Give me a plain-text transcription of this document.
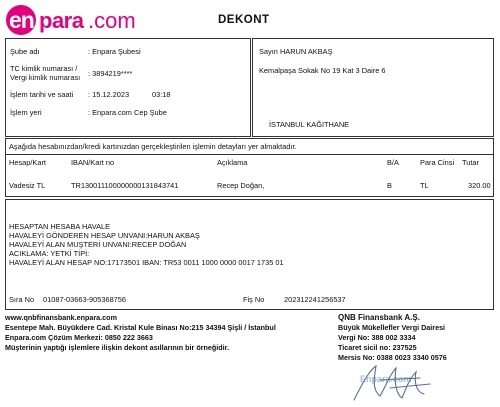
en para .com	DEKONT
Şube adı	: Enpara Şubesi
TC kimlik numarası /
Vergi kimlik numarası : 3894219****
İşlem tarihi ve saati : 15.12.2023	03:18
İşlem yeri	: Enpara.com Cep Şube
Sayın HARUN AKBAŞ
Kemalpaşa Sokak No 19 Kat 3 Daire 6
İSTANBUL KAĞITHANE
Aşağıda hesabınızdan/kredi kartınızdan gerçekleştirilen işlemin detayları yer almaktadır.
Hesap/Kart	IBAN/Kart no	Açıklama	B/A	Para Cinsi Tutar
Vadesiz TL	TR130011100000000131843741	Recep Doğan,	B	TL	320.00
HESAPTAN HESABA HAVALE
HAVALEYİ GÖNDEREN HESAP UNVANI:HARUN AKBAŞ
HAVALEYİ ALAN MUŞTERİ UNVANI:RECEP DOĞAN
ACIKLAMA: YETKİ TİPİ:
HAVALEYİ ALAN HESAP NO:17173501 IBAN: TR53 0011 1000 0000 0017 1735 01
Sıra No 01087-03663-905368756	Fiş No	202312241256537
www.qnbfinansbank.enpara.com
Esentepe Mah. Büyükdere Cad. Kristal Kule Binası No:215 34394 Şişli / İstanbul
Enpara.com Çözüm Merkezi: 0850 222 3663
Müşterinin yaptığı işlemlere ilişkin dekont asıllarının bir örneğidir.
QNB Finansbank A.Ş.
Büyük Mükellefler Vergi Dairesi
Vergi No: 388 002 3334
Ticaret sicil no: 237525
Mersis No: 0388 0023 3340 0576
Enpara.com
